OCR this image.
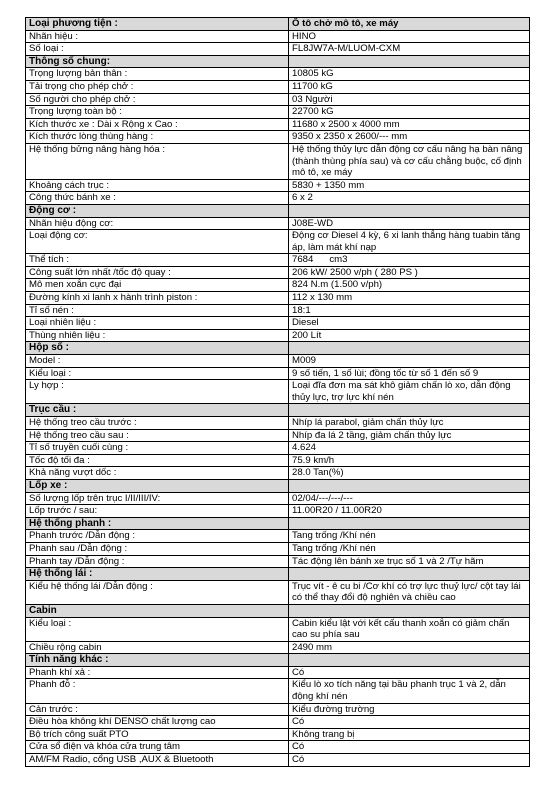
Loại phương tiện :	Ô tô chở mô tô, xe máy
Nhãn hiệu :	HINO
Số loại :	FL8JW7A-M/LUOM-CXM
Thông số chung:	
Trọng lượng bản thân :	10805 kG
Tải trọng cho phép chở :	11700 kG
Số người cho phép chở :	03 Người
Trọng lượng toàn bộ :	22700 kG
Kích thước xe : Dài x Rộng x Cao :	11680 x 2500 x 4000 mm
Kích thước lòng thùng hàng :	9350 x 2350 x 2600/--- mm
Hệ thống bửng nâng hàng hóa :	Hệ thống thủy lực dẫn động cơ cấu nâng hạ bàn nâng (thành thùng phía sau) và cơ cấu chằng buộc, cố định mô tô, xe máy
Khoảng cách trục :	5830 + 1350 mm
Công thức bánh xe :	6 x 2
Động cơ :	
Nhãn hiệu động cơ:	J08E-WD
Loại động cơ:	Động cơ Diesel 4 kỳ, 6 xi lanh thẳng hàng tuabin tăng áp, làm mát khí nạp
Thể tích :	7684      cm3
Công suất lớn nhất /tốc độ quay :	206 kW/ 2500 v/ph ( 280 PS )
Mô men xoắn cực đại	824 N.m (1.500 v/ph)
Đường kính xi lanh x hành trình piston :	112 x 130 mm
Tỉ số nén :	18:1
Loại nhiên liệu :	Diesel
Thùng nhiên liệu :	200 Lít
Hộp số :	
Model :	M009
Kiểu loại :	9 số tiến, 1 số lùi; đồng tốc từ số 1 đến số 9
Ly hợp :	Loại đĩa đơn ma sát khô giảm chấn lò xo, dẫn động thủy lực, trợ lực khí nén
Trục cầu :	
Hệ thống treo cầu trước :	Nhíp lá parabol, giảm chấn thủy lực
Hệ thống treo cầu sau :	Nhíp đa lá 2 tầng, giảm chấn thủy lực
Tỉ số truyền cuối cùng :	4.624
Tốc độ tối đa :	75.9 km/h
Khả năng vượt dốc :	28.0 Tan(%)
Lốp xe :	
Số lượng lốp trên trục I/II/III/IV:	02/04/---/---/---
Lốp trước / sau:	11.00R20 / 11.00R20
Hệ thống phanh :	
Phanh trước /Dẫn động :	Tang trống /Khí nén
Phanh sau /Dẫn động :	Tang trống /Khí nén
Phanh tay /Dẫn động :	Tác động lên bánh xe trục số 1 và 2 /Tự hãm
Hệ thống lái :	
Kiểu hệ thống lái /Dẫn động :	Trục vít - ê cu bi /Cơ khí có trợ lực thuỷ lực/ cột tay lái có thể thay đổi độ nghiên và chiều cao
Cabin	
Kiểu loại :	Cabin kiểu lật với kết cấu thanh xoắn có giảm chấn cao su phía sau
Chiều rộng cabin	2490 mm
Tính năng khác :	
Phanh khí xả :	Có
Phanh đỗ :	Kiểu lò xo tích năng tại bầu phanh trục 1 và 2, dẫn động khí nén
Cản trước :	Kiểu đường trường
Điều hòa không khí DENSO chất lượng cao	Có
Bộ trích công suất PTO	Không trang bị
Cửa sổ điện và khóa cửa trung tâm	Có
AM/FM Radio, cổng USB ,AUX & Bluetooth	Có
